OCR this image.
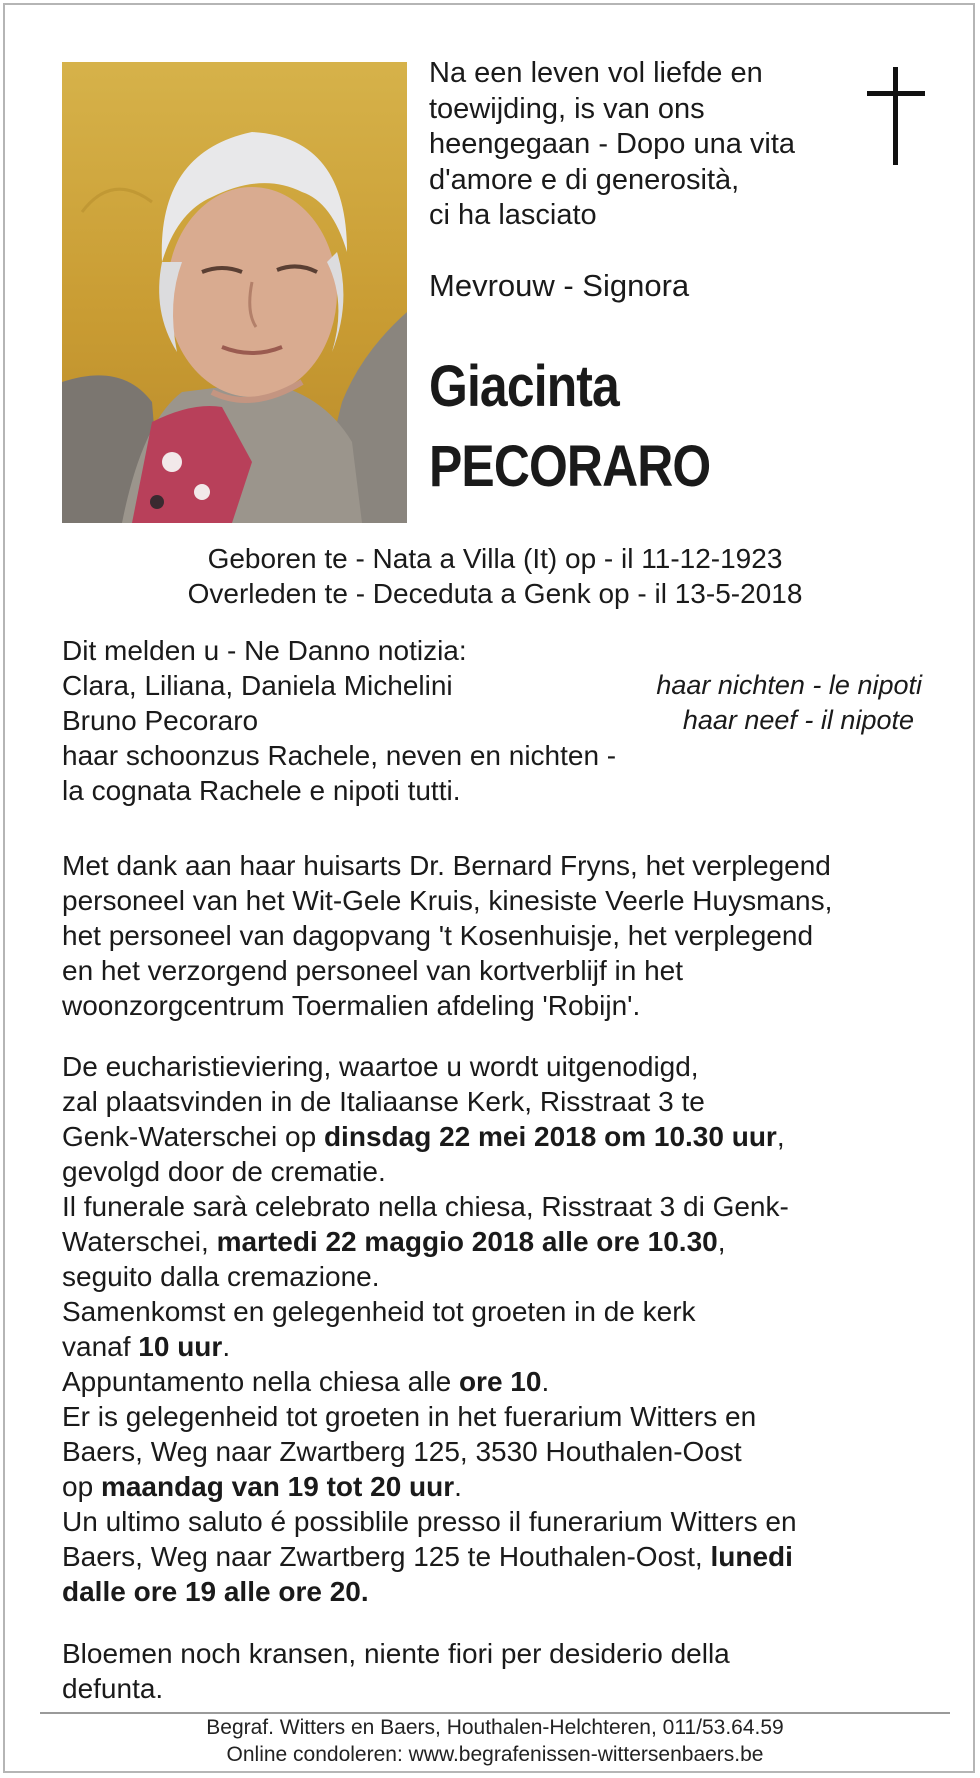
Na een leven vol liefde en
toewijding, is van ons
heengegaan - Dopo una vita
d'amore e di generosità,
ci ha lasciato
Mevrouw - Signora
Giacinta
PECORARO
Geboren te - Nata a Villa (It) op - il 11-12-1923
Overleden te - Deceduta a Genk op - il 13-5-2018
Dit melden u - Ne Danno notizia:
Clara, Liliana, Daniela Michelini	haar nichten - le nipoti
Bruno Pecoraro	haar neef - il nipote
haar schoonzus Rachele, neven en nichten -
la cognata Rachele e nipoti tutti.
Met dank aan haar huisarts Dr. Bernard Fryns, het verplegend
personeel van het Wit-Gele Kruis, kinesiste Veerle Huysmans,
het personeel van dagopvang 't Kosenhuisje, het verplegend
en het verzorgend personeel van kortverblijf in het
woonzorgcentrum Toermalien afdeling 'Robijn'.
De eucharistieviering, waartoe u wordt uitgenodigd,
zal plaatsvinden in de Italiaanse Kerk, Risstraat 3 te
Genk-Waterschei op dinsdag 22 mei 2018 om 10.30 uur,
gevolgd door de crematie.
Il funerale sarà celebrato nella chiesa, Risstraat 3 di Genk-
Waterschei, martedi 22 maggio 2018 alle ore 10.30,
seguito dalla cremazione.
Samenkomst en gelegenheid tot groeten in de kerk
vanaf 10 uur.
Appuntamento nella chiesa alle ore 10.
Er is gelegenheid tot groeten in het fuerarium Witters en
Baers, Weg naar Zwartberg 125, 3530 Houthalen-Oost
op maandag van 19 tot 20 uur.
Un ultimo saluto é possiblile presso il funerarium Witters en
Baers, Weg naar Zwartberg 125 te Houthalen-Oost, lunedi
dalle ore 19 alle ore 20.
Bloemen noch kransen, niente fiori per desiderio della
defunta.
Begraf. Witters en Baers, Houthalen-Helchteren, 011/53.64.59
Online condoleren: www.begrafenissen-wittersenbaers.be
